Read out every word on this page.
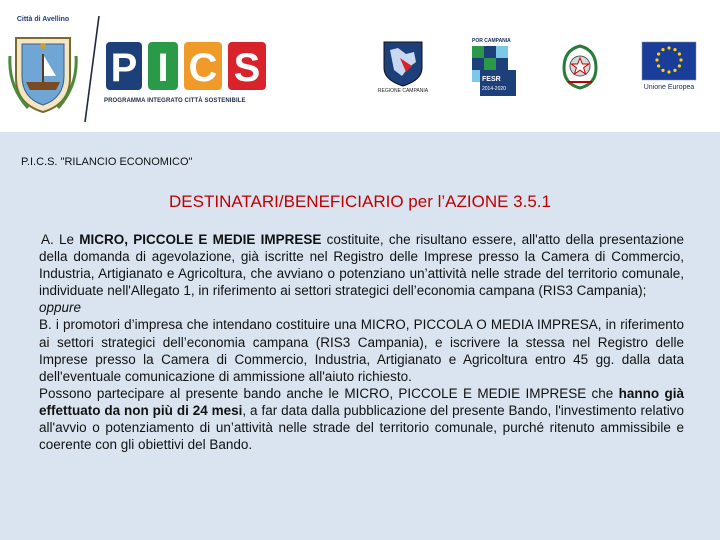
Città di Avellino
P I C S
PROGRAMMA INTEGRATO CITTÀ SOSTENIBILE
REGIONE CAMPANIA
POR CAMPANIA
FESR
2014-2020	Unione Europea
P.I.C.S. "RILANCIO ECONOMICO"
DESTINATARI/BENEFICIARIO per l’AZIONE 3.5.1

A. Le MICRO, PICCOLE E MEDIE IMPRESE costituite, che risultano essere, all'atto della presentazione della domanda di agevolazione, già iscritte nel Registro delle Imprese presso la Camera di Commercio, Industria, Artigianato e Agricoltura, che avviano o potenziano un’attività nelle strade del territorio comunale, individuate nell'Allegato 1, in riferimento ai settori strategici dell’economia campana (RIS3 Campania);

oppure

B. i promotori d’impresa che intendano costituire una MICRO, PICCOLA O MEDIA IMPRESA, in riferimento ai settori strategici dell’economia campana (RIS3 Campania), e iscrivere la stessa nel Registro delle Imprese presso la Camera di Commercio, Industria, Artigianato e Agricoltura entro 45 gg. dalla data dell'eventuale comunicazione di ammissione all'aiuto richiesto.

Possono partecipare al presente bando anche le MICRO, PICCOLE E MEDIE IMPRESE che hanno già effettuato da non più di 24 mesi, a far data dalla pubblicazione del presente Bando, l'investimento relativo all'avvio o potenziamento di un’attività nelle strade del territorio comunale, purché ritenuto ammissibile e coerente con gli obiettivi del Bando.
